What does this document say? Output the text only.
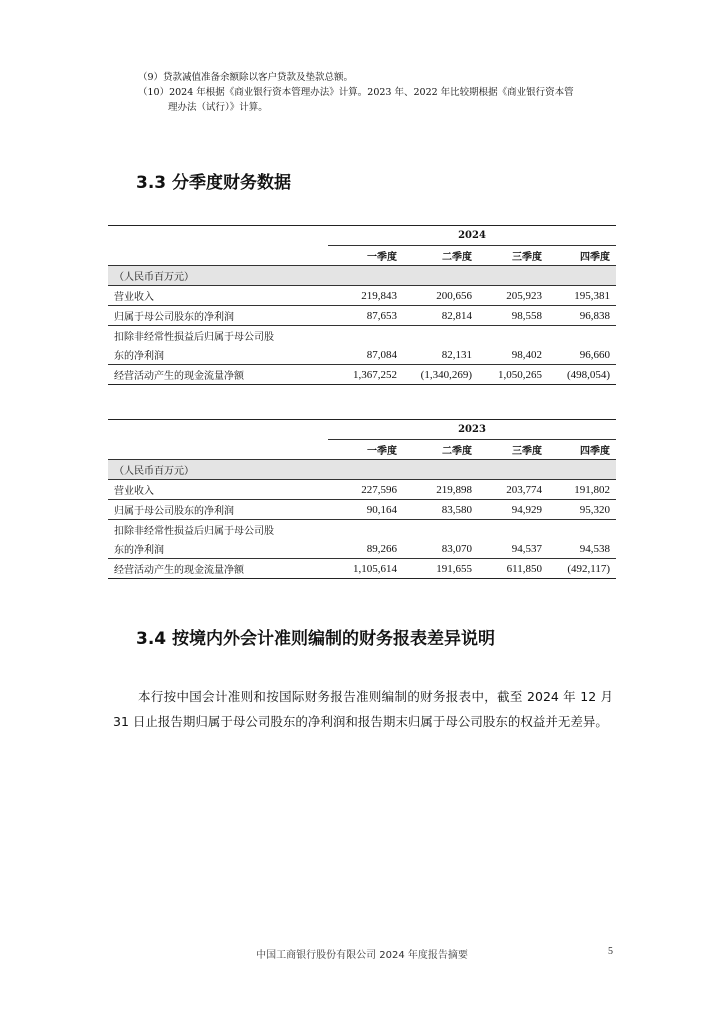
（9）贷款减值准备余额除以客户贷款及垫款总额。

（10）2024 年根据《商业银行资本管理办法》计算。2023 年、2022 年比较期根据《商业银行资本管

理办法（试行）》计算。

3.3 分季度财务数据
	2024			
	一季度	二季度	三季度	四季度
（人民币百万元）				
营业收入	219,843	200,656	205,923	195,381
归属于母公司股东的净利润	87,653	82,814	98,558	96,838
扣除非经常性损益后归属于母公司股				
东的净利润	87,084	82,131	98,402	96,660
经营活动产生的现金流量净额	1,367,252	(1,340,269)	1,050,265	(498,054)
	2023			
	一季度	二季度	三季度	四季度
（人民币百万元）				
营业收入	227,596	219,898	203,774	191,802
归属于母公司股东的净利润	90,164	83,580	94,929	95,320
扣除非经常性损益后归属于母公司股				
东的净利润	89,266	83,070	94,537	94,538
经营活动产生的现金流量净额	1,105,614	191,655	611,850	(492,117)
3.4 按境内外会计准则编制的财务报表差异说明

本行按中国会计准则和按国际财务报告准则编制的财务报表中，截至 2024 年 12 月 31 日止报告期归属于母公司股东的净利润和报告期末归属于母公司股东的权益并无差异。

中国工商银行股份有限公司 2024 年度报告摘要	5
